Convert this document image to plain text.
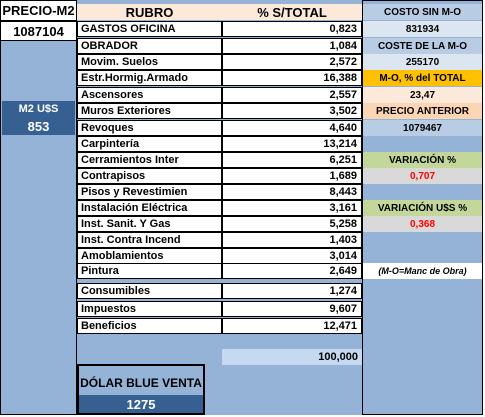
PRECIO-M2
1087104
M2 U$S
853
RUBRO	% S/TOTAL
GASTOS OFICINA	0,823
OBRADOR	1,084
Movim. Suelos	2,572
Estr.Hormig.Armado	16,388
Ascensores	2,557
Muros Exteriores	3,502
Revoques	4,640
Carpintería	13,214
Cerramientos Inter	6,251
Contrapisos	1,689
Pisos y Revestimien	8,443
Instalación Eléctrica	3,161
Inst. Sanit. Y Gas	5,258
Inst. Contra Incend	1,403
Amoblamientos	3,014
Pintura	2,649
Consumibles	1,274
Impuestos	9,607
Beneficios	12,471
100,000
DÓLAR BLUE VENTA
1275
COSTO SIN M-O
831934
COSTE DE LA M-O
255170
M-O, % del TOTAL
23,47
PRECIO ANTERIOR
1079467
VARIACIÓN %
0,707
VARIACIÓN U$S %
0,368
(M-O=Manc de Obra)
